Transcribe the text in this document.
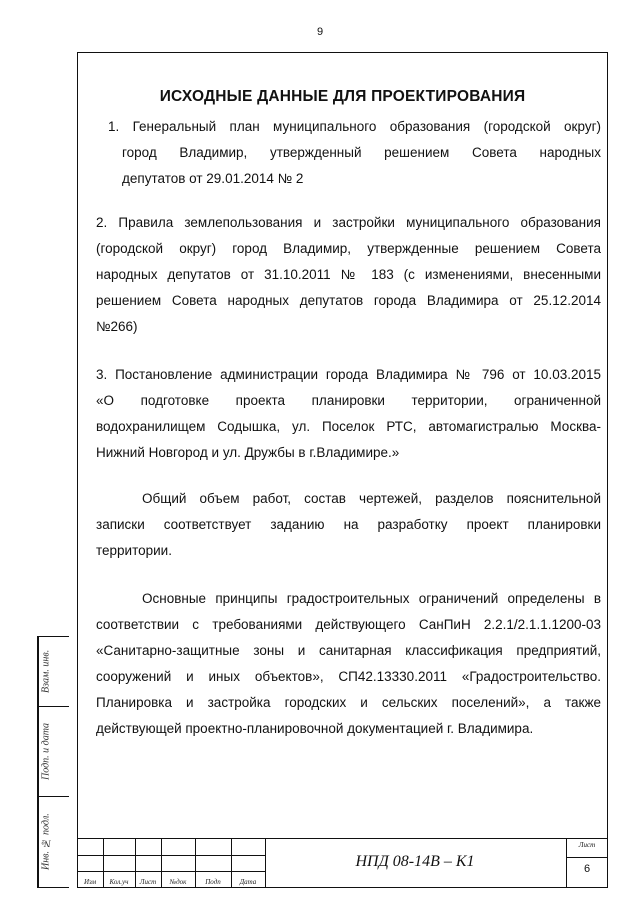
9
ИСХОДНЫЕ ДАННЫЕ ДЛЯ ПРОЕКТИРОВАНИЯ
1. Генеральный план муниципального образования (городской округ)
город Владимир, утвержденный решением Совета народных
депутатов от 29.01.2014 № 2
2. Правила землепользования и застройки муниципального образования
(городской округ) город Владимир, утвержденные решением Совета
народных депутатов от 31.10.2011 № 183 (с изменениями, внесенными
решением Совета народных депутатов города Владимира от 25.12.2014
№266)
3. Постановление администрации города Владимира № 796 от 10.03.2015
«О подготовке проекта планировки территории, ограниченной
водохранилищем Содышка, ул. Поселок РТС, автомагистралью Москва-
Нижний Новгород и ул. Дружбы в г.Владимире.»
Общий объем работ, состав чертежей, разделов пояснительной
записки соответствует заданию на разработку проект планировки
территории.
Основные принципы градостроительных ограничений определены в
соответствии с требованиями действующего СанПиН 2.2.1/2.1.1.1200-03
«Санитарно-защитные зоны и санитарная классификация предприятий,
сооружений и иных объектов», СП42.13330.2011 «Градостроительство.
Планировка и застройка городских и сельских поселений», а также
действующей проектно-планировочной документацией г. Владимира.
Взам. инв.
Подп. и дата
Инв. № подл.
Изм	Кол.уч	Лист	№док	Подп	Дата
НПД 08-14В – К1
Лист
6
